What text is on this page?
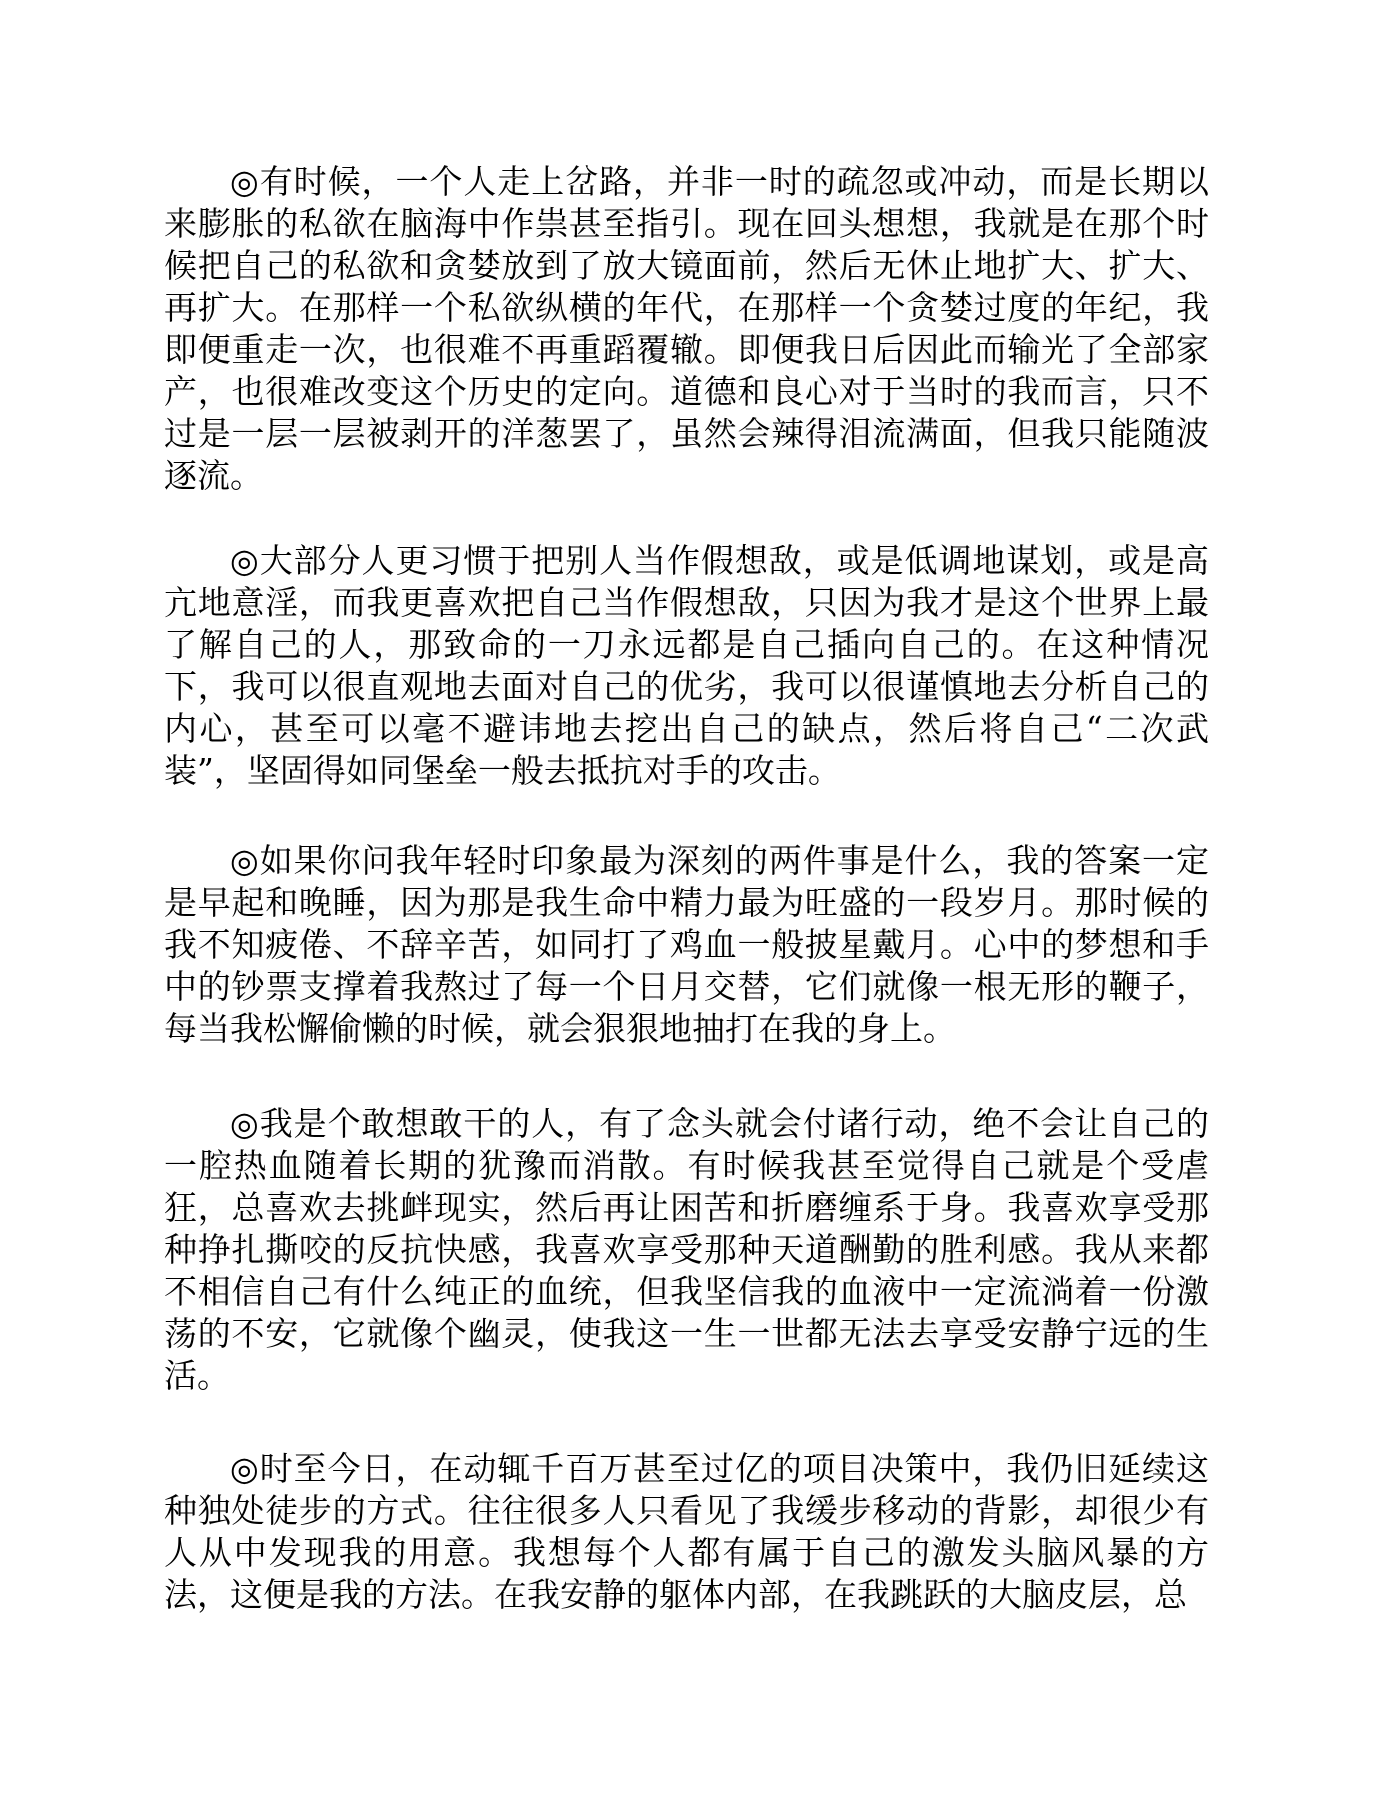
◎有时候，一个人走上岔路，并非一时的疏忽或冲动，而是长期以来膨胀的私欲在脑海中作祟甚至指引。现在回头想想，我就是在那个时候把自己的私欲和贪婪放到了放大镜面前，然后无休止地扩大、扩大、再扩大。在那样一个私欲纵横的年代，在那样一个贪婪过度的年纪，我即便重走一次，也很难不再重蹈覆辙。即便我日后因此而输光了全部家产，也很难改变这个历史的定向。道德和良心对于当时的我而言，只不过是一层一层被剥开的洋葱罢了，虽然会辣得泪流满面，但我只能随波逐流。

◎大部分人更习惯于把别人当作假想敌，或是低调地谋划，或是高亢地意淫，而我更喜欢把自己当作假想敌，只因为我才是这个世界上最了解自己的人，那致命的一刀永远都是自己插向自己的。在这种情况下，我可以很直观地去面对自己的优劣，我可以很谨慎地去分析自己的内心，甚至可以毫不避讳地去挖出自己的缺点，然后将自己“二次武装”，坚固得如同堡垒一般去抵抗对手的攻击。

◎如果你问我年轻时印象最为深刻的两件事是什么，我的答案一定是早起和晚睡，因为那是我生命中精力最为旺盛的一段岁月。那时候的我不知疲倦、不辞辛苦，如同打了鸡血一般披星戴月。心中的梦想和手中的钞票支撑着我熬过了每一个日月交替，它们就像一根无形的鞭子，每当我松懈偷懒的时候，就会狠狠地抽打在我的身上。

◎我是个敢想敢干的人，有了念头就会付诸行动，绝不会让自己的一腔热血随着长期的犹豫而消散。有时候我甚至觉得自己就是个受虐狂，总喜欢去挑衅现实，然后再让困苦和折磨缠系于身。我喜欢享受那种挣扎撕咬的反抗快感，我喜欢享受那种天道酬勤的胜利感。我从来都不相信自己有什么纯正的血统，但我坚信我的血液中一定流淌着一份激荡的不安，它就像个幽灵，使我这一生一世都无法去享受安静宁远的生活。

◎时至今日，在动辄千百万甚至过亿的项目决策中，我仍旧延续这种独处徒步的方式。往往很多人只看见了我缓步移动的背影，却很少有人从中发现我的用意。我想每个人都有属于自己的激发头脑风暴的方法，这便是我的方法。在我安静的躯体内部，在我跳跃的大脑皮层，总
